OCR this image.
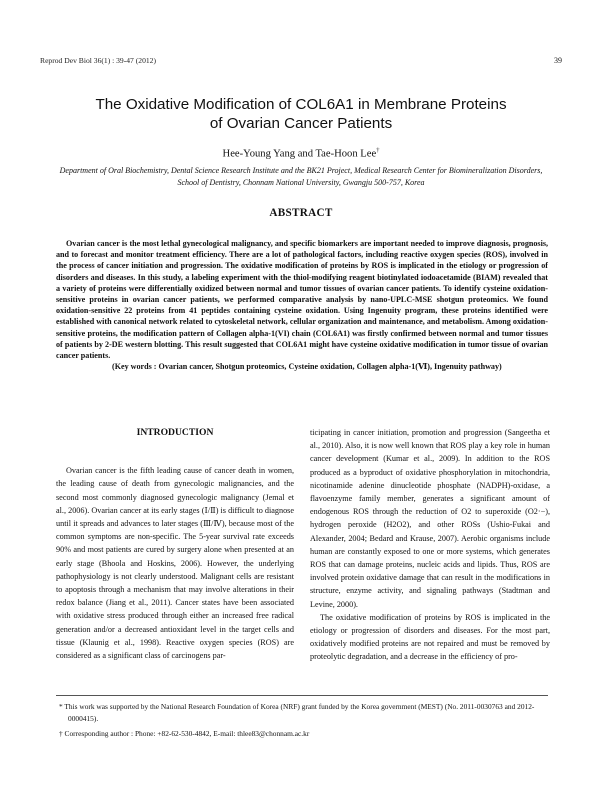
Reprod Dev Biol 36(1) : 39-47 (2012)	39
The Oxidative Modification of COL6A1 in Membrane Proteins
of Ovarian Cancer Patients
Hee-Young Yang and Tae-Hoon Lee†
Department of Oral Biochemistry, Dental Science Research Institute and the BK21 Project, Medical Research Center for Biomineralization Disorders, School of Dentistry, Chonnam National University, Gwangju 500-757, Korea
ABSTRACT

Ovarian cancer is the most lethal gynecological malignancy, and specific biomarkers are important needed to improve diagnosis, prognosis, and to forecast and monitor treatment efficiency. There are a lot of pathological factors, including reactive oxygen species (ROS), involved in the process of cancer initiation and progression. The oxidative modification of proteins by ROS is implicated in the etiology or progression of disorders and diseases. In this study, a labeling experiment with the thiol-modifying reagent biotinylated iodoacetamide (BIAM) revealed that a variety of proteins were differentially oxidized between normal and tumor tissues of ovarian cancer patients. To identify cysteine oxidation-sensitive proteins in ovarian cancer patients, we performed comparative analysis by nano-UPLC-MSE shotgun proteomics. We found oxidation-sensitive 22 proteins from 41 peptides containing cysteine oxidation. Using Ingenuity program, these proteins identified were established with canonical network related to cytoskeletal network, cellular organization and maintenance, and metabolism. Among oxidation-sensitive proteins, the modification pattern of Collagen alpha-1(VI) chain (COL6A1) was firstly confirmed between normal and tumor tissues of patients by 2-DE western blotting. This result suggested that COL6A1 might have cysteine oxidative modification in tumor tissue of ovarian cancer patients.

(Key words : Ovarian cancer, Shotgun proteomics, Cysteine oxidation, Collagen alpha-1(Ⅵ), Ingenuity pathway)

INTRODUCTION

Ovarian cancer is the fifth leading cause of cancer death in women, the leading cause of death from gynecologic malignancies, and the second most commonly diagnosed gynecologic malignancy (Jemal et al., 2006). Ovarian cancer at its early stages (Ⅰ/Ⅱ) is difficult to diagnose until it spreads and advances to later stages (Ⅲ/Ⅳ), because most of the common symptoms are non-specific. The 5-year survival rate exceeds 90% and most patients are cured by surgery alone when presented at an early stage (Bhoola and Hoskins, 2006). However, the underlying pathophysiology is not clearly understood. Malignant cells are resistant to apoptosis through a mechanism that may involve alterations in their redox balance (Jiang et al., 2011). Cancer states have been associated with oxidative stress produced through either an increased free radical generation and/or a decreased antioxidant level in the target cells and tissue (Klaunig et al., 1998). Reactive oxygen species (ROS) are considered as a significant class of carcinogens par-

ticipating in cancer initiation, promotion and progression (Sangeetha et al., 2010). Also, it is now well known that ROS play a key role in human cancer development (Kumar et al., 2009). In addition to the ROS produced as a byproduct of oxidative phosphorylation in mitochondria, nicotinamide adenine dinucleotide phosphate (NADPH)-oxidase, a flavoenzyme family member, generates a significant amount of endogenous ROS through the reduction of O2 to superoxide (O2·−), hydrogen peroxide (H2O2), and other ROSs (Ushio-Fukai and Alexander, 2004; Bedard and Krause, 2007). Aerobic organisms include human are constantly exposed to one or more systems, which generates ROS that can damage proteins, nucleic acids and lipids. Thus, ROS are involved protein oxidative damage that can result in the modifications in structure, enzyme activity, and signaling pathways (Stadtman and Levine, 2000).

The oxidative modification of proteins by ROS is implicated in the etiology or progression of disorders and diseases. For the most part, oxidatively modified proteins are not repaired and must be removed by proteolytic degradation, and a decrease in the efficiency of pro-

* This work was supported by the National Research Foundation of Korea (NRF) grant funded by the Korea government (MEST) (No. 2011-0030763 and 2012-0000415).
† Corresponding author : Phone: +82-62-530-4842, E-mail: thlee83@chonnam.ac.kr
